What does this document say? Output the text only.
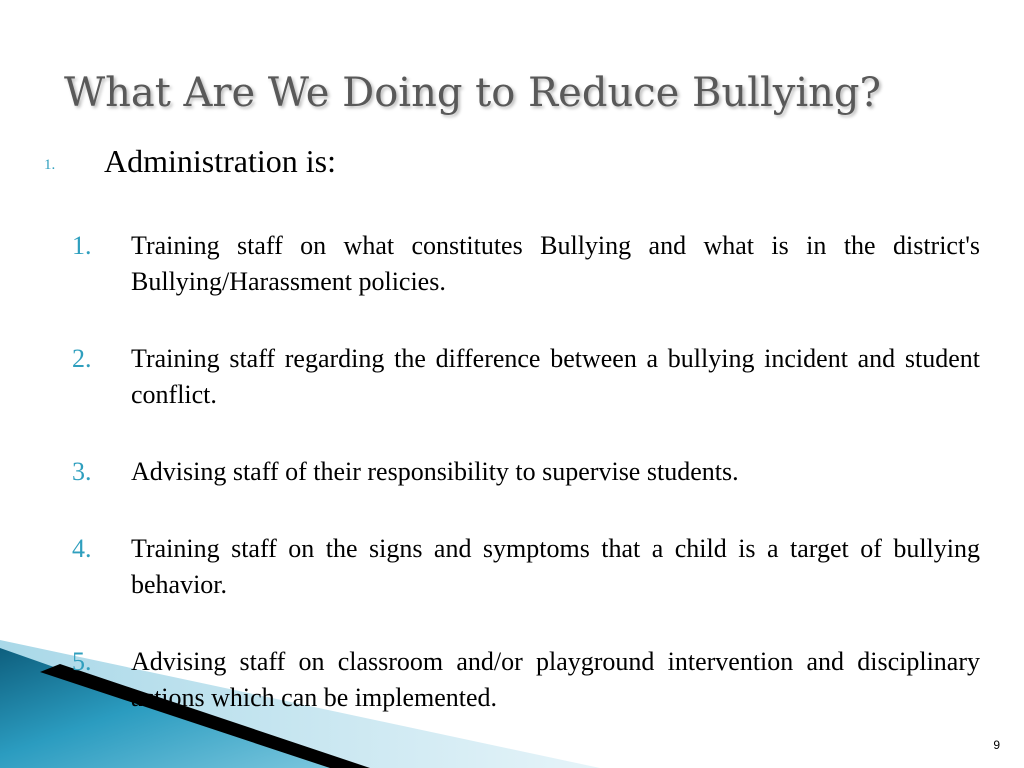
What Are We Doing to Reduce Bullying?
1. Administration is:
1. Training staff on what constitutes Bullying and what is in the district's Bullying/Harassment policies.
2. Training staff regarding the difference between a bullying incident and student conflict.
3. Advising staff of their responsibility to supervise students.
4. Training staff on the signs and symptoms that a child is a target of bullying behavior.
5. Advising staff on classroom and/or playground intervention and disciplinary actions which can be implemented.
9
